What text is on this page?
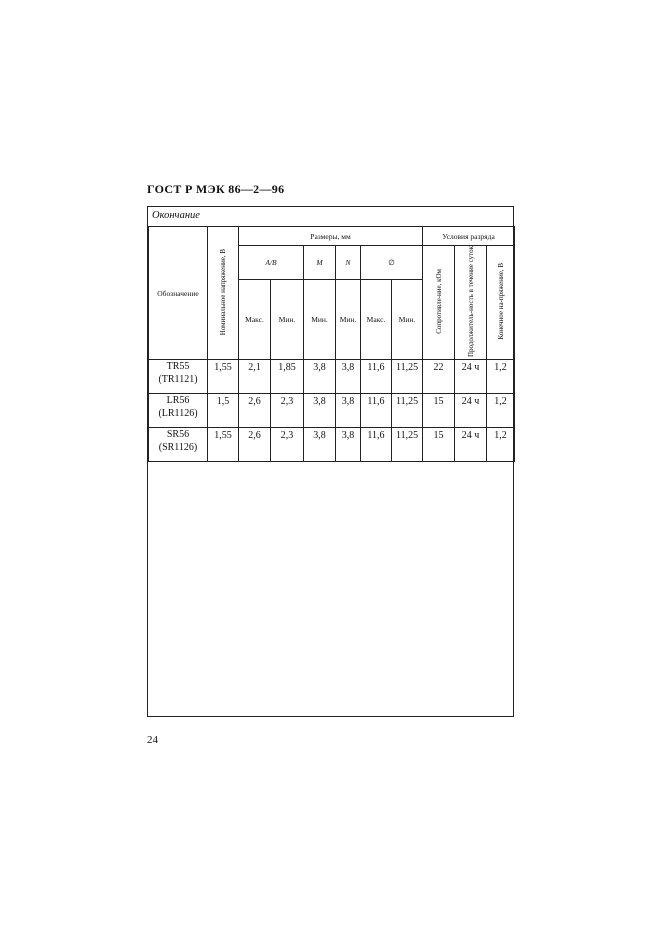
ГОСТ Р МЭК 86—2—96
Окончание
Обозначение	Номинальное напряжение, В	Размеры, мм						Условия разряда		
		A/B		M	N	∅		Сопротивле-ние, кОм	Продолжитель-ность в течение суток	Конечное на-пряжение, В
		Макс.	Мин.	Мин.	Мин.	Макс.	Мин.			
TR55
(TR1121)	1,55	2,1	1,85	3,8	3,8	11,6	11,25	22	24 ч	1,2
LR56
(LR1126)	1,5	2,6	2,3	3,8	3,8	11,6	11,25	15	24 ч	1,2
SR56
(SR1126)	1,55	2,6	2,3	3,8	3,8	11,6	11,25	15	24 ч	1,2
24
